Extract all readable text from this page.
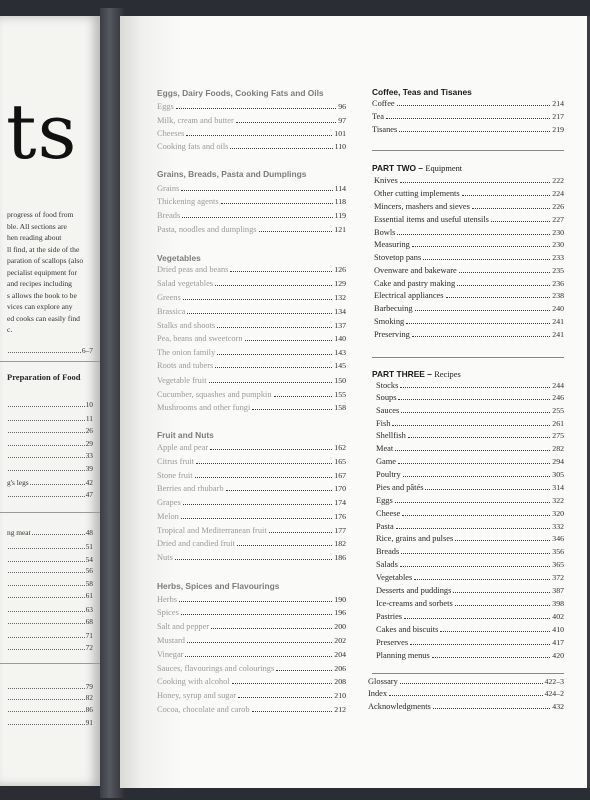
ts
progress of food from
ble. All sections are
hen reading about
ll find, at the side of the
paration of scallops (also
pecialist equipment for
and recipes including
s allows the book to be
vices can explore any
ed cooks can easily find
c.
6–7
Preparation of Food
10
11
26
29
33
39
g's legs	42
47
ng meat	48
51
54
56
58
61
63
68
71
72
79
82
86
91
Eggs, Dairy Foods, Cooking Fats and Oils
Eggs	96
Milk, cream and butter	97
Cheeses	101
Cooking fats and oils	110
Grains, Breads, Pasta and Dumplings
Grains	114
Thickening agents	118
Breads	119
Pasta, noodles and dumplings	121
Vegetables
Dried peas and beans	126
Salad vegetables	129
Greens	132
Brassica	134
Stalks and shoots	137
Pea, beans and sweetcorn	140
The onion family	143
Roots and tubers	145
Vegetable fruit	150
Cucumber, squashes and pumpkin	155
Mushrooms and other fungi	158
Fruit and Nuts
Apple and pear	162
Citrus fruit	165
Stone fruit	167
Berries and rhubarb	170
Grapes	174
Melon	176
Tropical and Mediterranean fruit	177
Dried and candied fruit	182
Nuts	186
Herbs, Spices and Flavourings
Herbs	190
Spices	196
Salt and pepper	200
Mustard	202
Vinegar	204
Sauces, flavourings and colourings	206
Cooking with alcohol	208
Honey, syrup and sugar	210
Cocoa, chocolate and carob	212
Coffee, Teas and Tisanes
Coffee	214
Tea	217
Tisanes	219
PART TWO – Equipment
Knives	222
Other cutting implements	224
Mincers, mashers and sieves	226
Essential items and useful utensils	227
Bowls	230
Measuring	230
Stovetop pans	233
Ovenware and bakeware	235
Cake and pastry making	236
Electrical appliances	238
Barbecuing	240
Smoking	241
Preserving	241
PART THREE – Recipes
Stocks	244
Soups	246
Sauces	255
Fish	261
Shellfish	275
Meat	282
Game	294
Poultry	305
Pies and pâtés	314
Eggs	322
Cheese	320
Pasta	332
Rice, grains and pulses	346
Breads	356
Salads	365
Vegetables	372
Desserts and puddings	387
Ice-creams and sorbets	398
Pastries	402
Cakes and biscuits	410
Preserves	417
Planning menus	420
Glossary	422–3
Index	424–2
Acknowledgments	432
